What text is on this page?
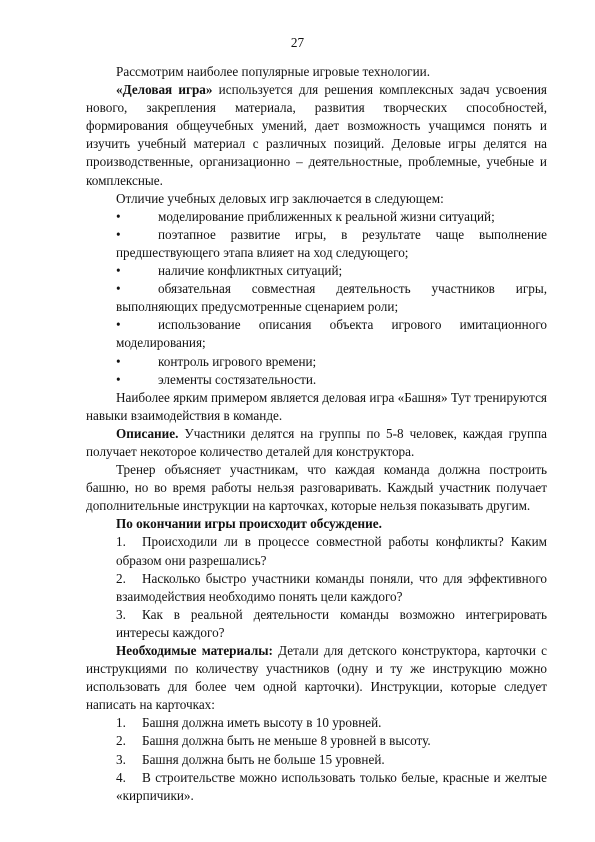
27

Рассмотрим наиболее популярные игровые технологии.

«Деловая игра» используется для решения комплексных задач усвоения нового, закрепления материала, развития творческих способностей, формирования общеучебных умений, дает возможность учащимся понять и изучить учебный материал с различных позиций. Деловые игры делятся на производственные, организационно – деятельностные, проблемные, учебные и комплексные.

Отличие учебных деловых игр заключается в следующем:

•	моделирование приближенных к реальной жизни ситуаций;

•	поэтапное развитие игры, в результате чаще выполнение предшествующего этапа влияет на ход следующего;

•	наличие конфликтных ситуаций;

•	обязательная совместная деятельность участников игры, выполняющих предусмотренные сценарием роли;

•	использование описания объекта игрового имитационного моделирования;

•	контроль игрового времени;

•	элементы состязательности.

Наиболее ярким примером является деловая игра «Башня» Тут тренируются навыки взаимодействия в команде.

Описание. Участники делятся на группы по 5-8 человек, каждая группа получает некоторое количество деталей для конструктора.

Тренер объясняет участникам, что каждая команда должна построить башню, но во время работы нельзя разговаривать. Каждый участник получает дополнительные инструкции на карточках, которые нельзя показывать другим.

По окончании игры происходит обсуждение.

1. Происходили ли в процессе совместной работы конфликты? Каким образом они разрешались?

2. Насколько быстро участники команды поняли, что для эффективного взаимодействия необходимо понять цели каждого?

3. Как в реальной деятельности команды возможно интегрировать интересы каждого?

Необходимые материалы: Детали для детского конструктора, карточки с инструкциями по количеству участников (одну и ту же инструкцию можно использовать для более чем одной карточки). Инструкции, которые следует написать на карточках:

1. Башня должна иметь высоту в 10 уровней.

2. Башня должна быть не меньше 8 уровней в высоту.

3. Башня должна быть не больше 15 уровней.

4. В строительстве можно использовать только белые, красные и желтые «кирпичики».
